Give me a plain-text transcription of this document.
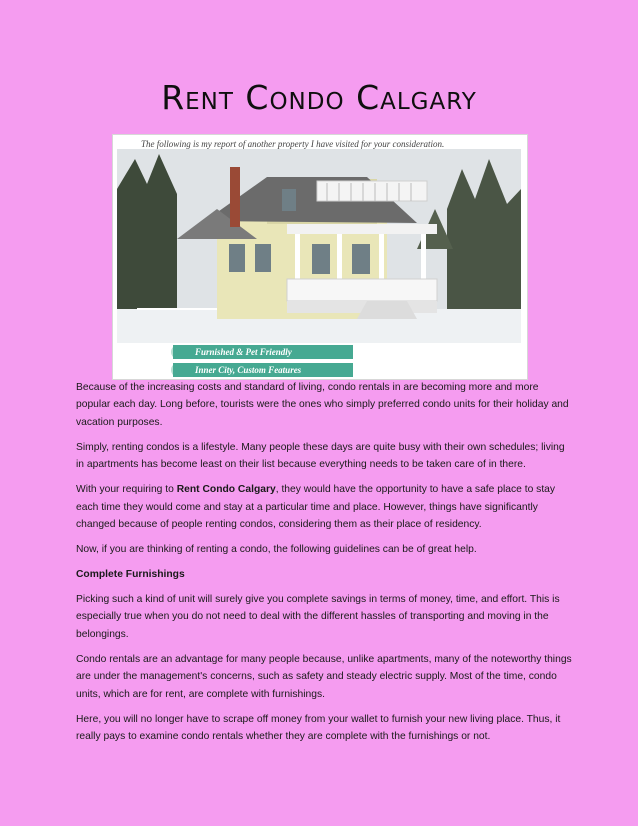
Rent Condo Calgary
The following is my report of another property I have visited for your consideration.
Furnished & Pet Friendly
Inner City, Custom Features

Because of the increasing costs and standard of living, condo rentals in are becoming more and more popular each day. Long before, tourists were the ones who simply preferred condo units for their holiday and vacation purposes.

Simply, renting condos is a lifestyle. Many people these days are quite busy with their own schedules; living in apartments has become least on their list because everything needs to be taken care of in there.

With your requiring to Rent Condo Calgary, they would have the opportunity to have a safe place to stay each time they would come and stay at a particular time and place. However, things have significantly changed because of people renting condos, considering them as their place of residency.

Now, if you are thinking of renting a condo, the following guidelines can be of great help.

Complete Furnishings

Picking such a kind of unit will surely give you complete savings in terms of money, time, and effort. This is especially true when you do not need to deal with the different hassles of transporting and moving in the belongings.

Condo rentals are an advantage for many people because, unlike apartments, many of the noteworthy things are under the management's concerns, such as safety and steady electric supply. Most of the time, condo units, which are for rent, are complete with furnishings.

Here, you will no longer have to scrape off money from your wallet to furnish your new living place. Thus, it really pays to examine condo rentals whether they are complete with the furnishings or not.
